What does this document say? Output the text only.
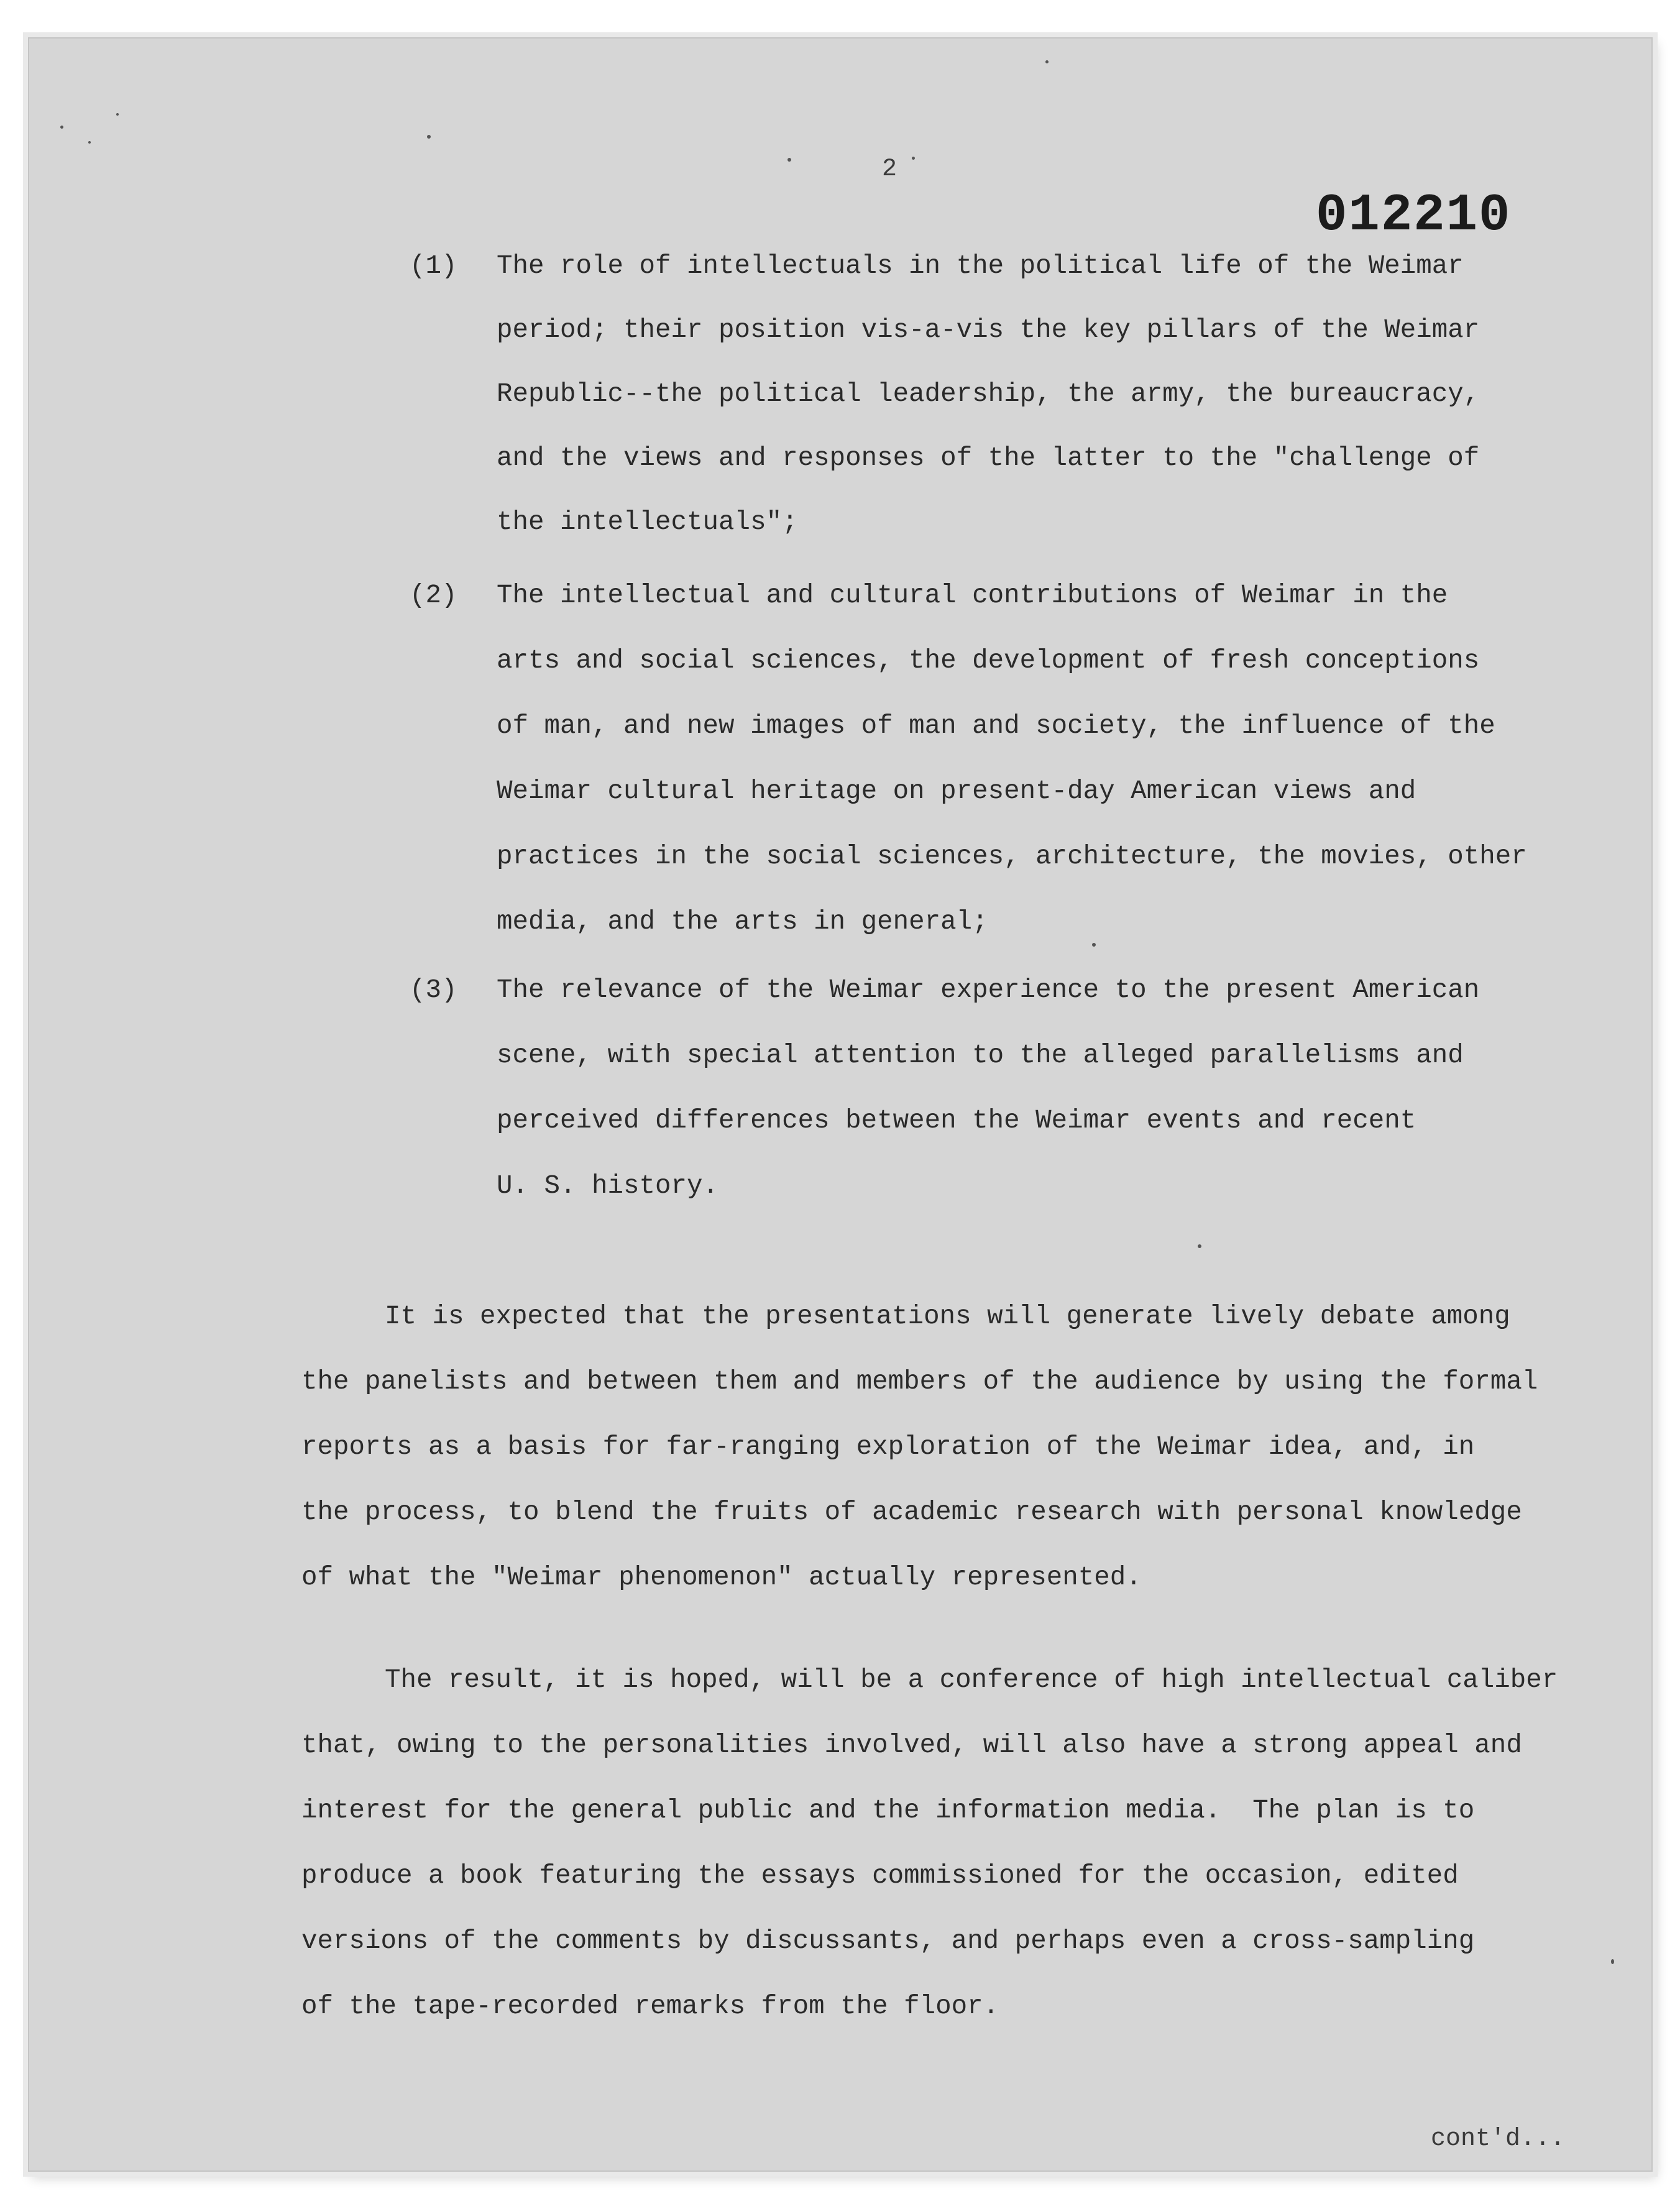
2
012210
(1) The role of intellectuals in the political life of the Weimar
period; their position vis-a-vis the key pillars of the Weimar
Republic--the political leadership, the army, the bureaucracy,
and the views and responses of the latter to the "challenge of
the intellectuals";
(2) The intellectual and cultural contributions of Weimar in the
arts and social sciences, the development of fresh conceptions
of man, and new images of man and society, the influence of the
Weimar cultural heritage on present-day American views and
practices in the social sciences, architecture, the movies, other
media, and the arts in general;
(3) The relevance of the Weimar experience to the present American
scene, with special attention to the alleged parallelisms and
perceived differences between the Weimar events and recent
U. S. history.
It is expected that the presentations will generate lively debate among
the panelists and between them and members of the audience by using the formal
reports as a basis for far-ranging exploration of the Weimar idea, and, in
the process, to blend the fruits of academic research with personal knowledge
of what the "Weimar phenomenon" actually represented.
The result, it is hoped, will be a conference of high intellectual caliber
that, owing to the personalities involved, will also have a strong appeal and
interest for the general public and the information media.  The plan is to
produce a book featuring the essays commissioned for the occasion, edited
versions of the comments by discussants, and perhaps even a cross-sampling
of the tape-recorded remarks from the floor.
cont'd...
